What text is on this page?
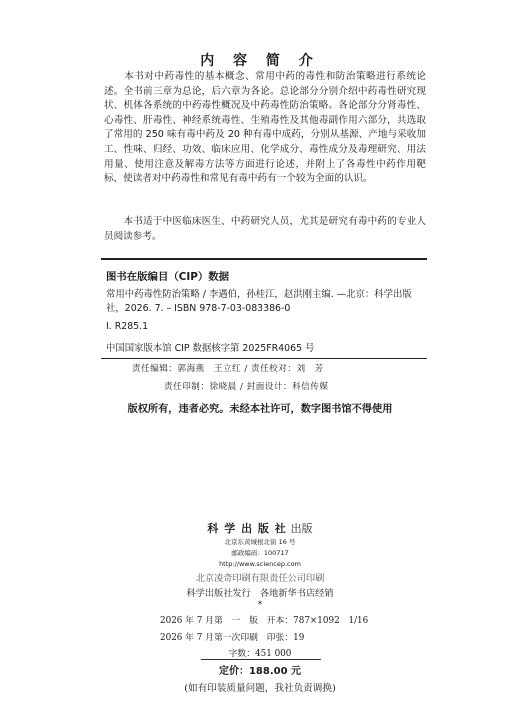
内 容 简 介
　　本书对中药毒性的基本概念、常用中药的毒性和防治策略进行系统论述。全书前三章为总论，后六章为各论。总论部分分别介绍中药毒性研究现状、机体各系统的中药毒性概况及中药毒性防治策略。各论部分分肾毒性、心毒性、肝毒性、神经系统毒性、生殖毒性及其他毒副作用六部分，共选取了常用的 250 味有毒中药及 20 种有毒中成药，分别从基源、产地与采收加工、性味、归经、功效、临床应用、化学成分、毒性成分及毒理研究、用法用量、使用注意及解毒方法等方面进行论述，并附上了各毒性中药作用靶标，使读者对中药毒性和常见有毒中药有一个较为全面的认识。
　　本书适于中医临床医生、中药研究人员，尤其是研究有毒中药的专业人员阅读参考。
图书在版编目（CIP）数据
常用中药毒性防治策略 / 李遇伯，孙桂江，赵洪刚主编. —北京：科学出版社，2026. 7. – ISBN 978-7-03-083386-0
Ⅰ. R285.1
中国国家版本馆 CIP 数据核字第 2025FR4065 号
责任编辑：郭海燕　王立红 / 责任校对：刘　芳
责任印制：徐晓晨 / 封面设计：科信传媒
版权所有，违者必究。未经本社许可，数字图书馆不得使用
科 学 出 版 社 出版
北京东黄城根北街 16 号
邮政编码：100717
http://www.sciencep.com
北京凌奇印刷有限责任公司印刷
科学出版社发行　各地新华书店经销
*
2026 年 7 月第　一　版　开本：787×1092　1/16
2026 年 7 月第一次印刷　印张：19
字数：451 000
定价：188.00 元
(如有印装质量问题，我社负责调换)
